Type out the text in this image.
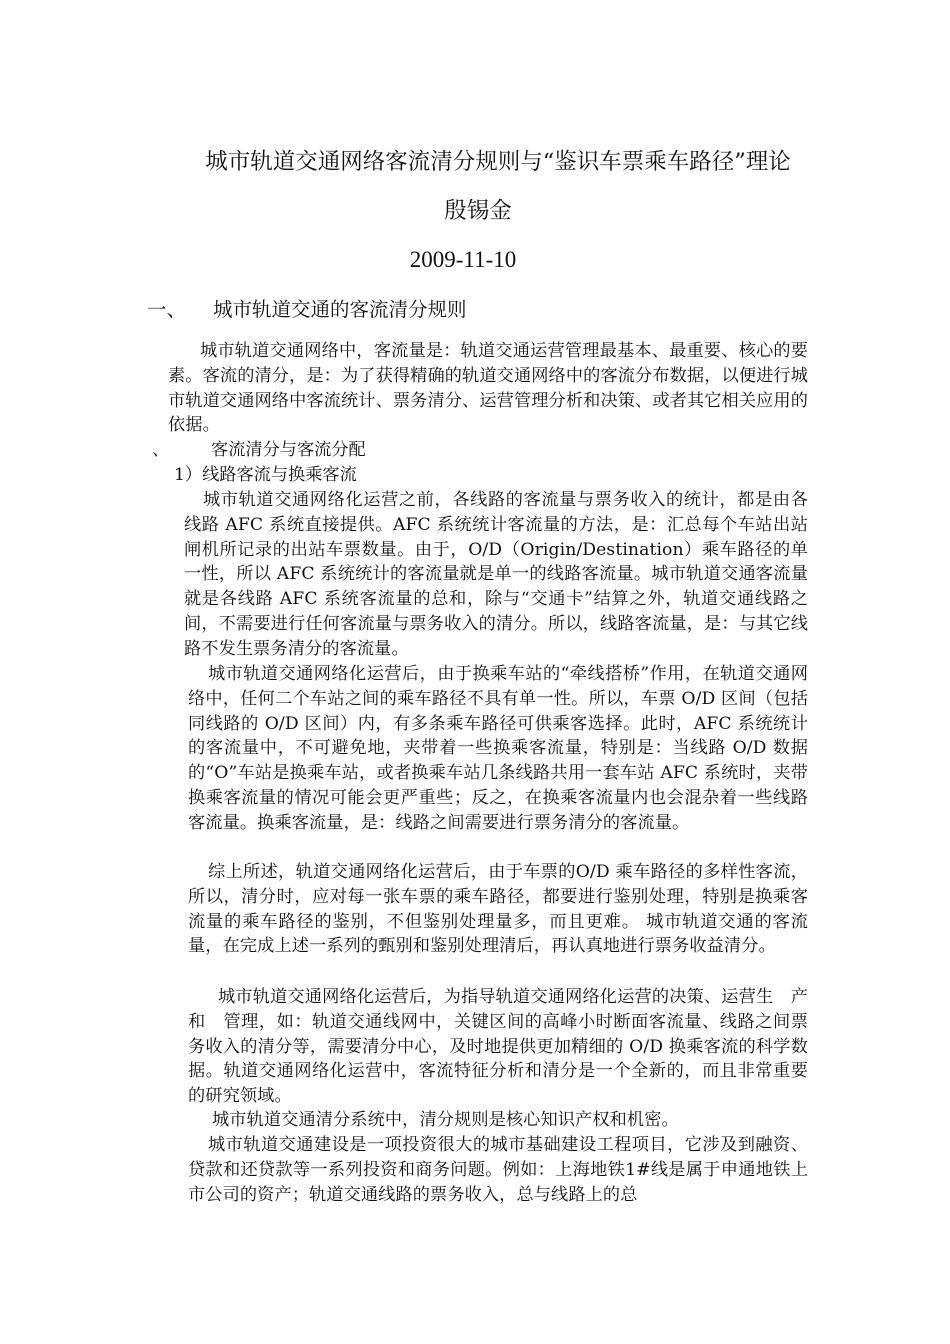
城市轨道交通网络客流清分规则与“鉴识车票乘车路径”理论
殷锡金
2009-11-10
一、 城市轨道交通的客流清分规则
城市轨道交通网络中，客流量是：轨道交通运营管理最基本、最重要、核心的要素。客流的清分，是：为了获得精确的轨道交通网络中的客流分布数据，以便进行城市轨道交通网络中客流统计、票务清分、运营管理分析和决策、或者其它相关应用的依据。
、 客流清分与客流分配
1）线路客流与换乘客流
城市轨道交通网络化运营之前，各线路的客流量与票务收入的统计，都是由各线路 AFC 系统直接提供。AFC 系统统计客流量的方法，是：汇总每个车站出站闸机所记录的出站车票数量。由于，O/D（Origin/Destination）乘车路径的单一性，所以 AFC 系统统计的客流量就是单一的线路客流量。城市轨道交通客流量就是各线路 AFC 系统客流量的总和，除与“交通卡”结算之外，轨道交通线路之间，不需要进行任何客流量与票务收入的清分。所以，线路客流量，是：与其它线路不发生票务清分的客流量。
城市轨道交通网络化运营后，由于换乘车站的“牵线搭桥”作用，在轨道交通网络中，任何二个车站之间的乘车路径不具有单一性。所以，车票 O/D 区间（包括同线路的 O/D 区间）内，有多条乘车路径可供乘客选择。此时，AFC 系统统计的客流量中，不可避免地，夹带着一些换乘客流量，特别是：当线路 O/D 数据的“O”车站是换乘车站，或者换乘车站几条线路共用一套车站 AFC 系统时，夹带换乘客流量的情况可能会更严重些；反之，在换乘客流量内也会混杂着一些线路客流量。换乘客流量，是：线路之间需要进行票务清分的客流量。
综上所述，轨道交通网络化运营后，由于车票的O/D 乘车路径的多样性客流，所以，清分时，应对每一张车票的乘车路径，都要进行鉴别处理，特别是换乘客流量的乘车路径的鉴别，不但鉴别处理量多，而且更难。 城市轨道交通的客流量，在完成上述一系列的甄别和鉴别处理清后，再认真地进行票务收益清分。
城市轨道交通网络化运营后，为指导轨道交通网络化运营的决策、运营生　产和　管理，如：轨道交通线网中，关键区间的高峰小时断面客流量、线路之间票务收入的清分等，需要清分中心，及时地提供更加精细的 O/D 换乘客流的科学数据。轨道交通网络化运营中，客流特征分析和清分是一个全新的，而且非常重要的研究领域。
城市轨道交通清分系统中，清分规则是核心知识产权和机密。
城市轨道交通建设是一项投资很大的城市基础建设工程项目，它涉及到融资、贷款和还贷款等一系列投资和商务问题。例如：上海地铁1#线是属于申通地铁上市公司的资产；轨道交通线路的票务收入，总与线路上的总
